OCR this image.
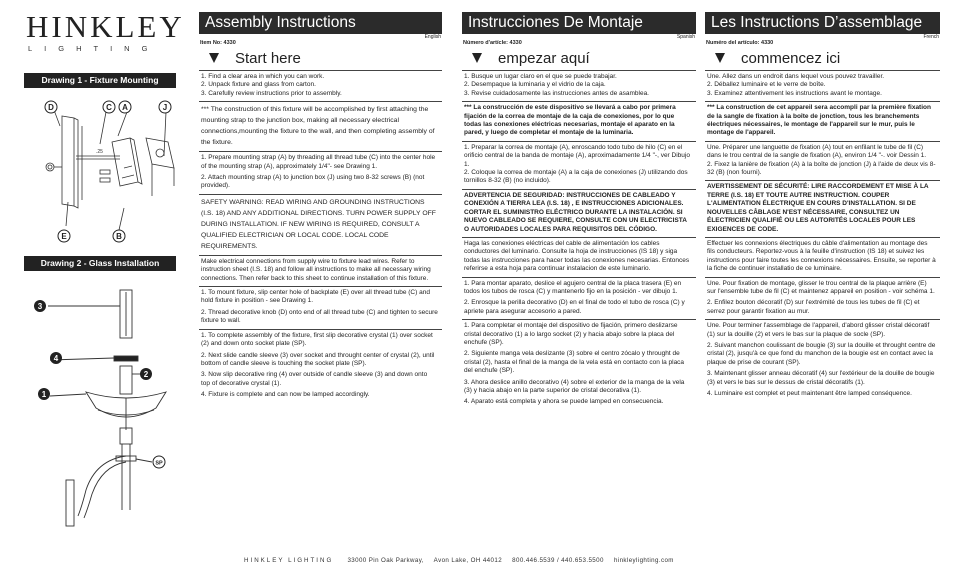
HINKLEY
LIGHTING
Drawing 1 - Fixture Mounting
.25
D	C A	J
E	B
Drawing 2 - Glass Installation
3
4
2
1
SP
Assembly Instructions
Item No: 4330
English
Start here
1. Find a clear area in which you can work.
2. Unpack fixture and glass from carton.
3. Carefully review instructions prior to assembly.
*** The construction of this fixture will be accomplished by first attaching the mounting strap to the junction box, making all necessary electrical connections,mounting the fixture to the wall, and then completing assembly of the fixture.
1. Prepare mounting strap (A) by threading all thread tube (C) into the center hole of the mounting strap (A), approximately 1/4"- see Drawing 1.
2. Attach mounting strap (A) to junction box (J) using two 8-32 screws (B) (not provided).
SAFETY WARNING: READ WIRING AND GROUNDING INSTRUCTIONS (I.S. 18) AND ANY ADDITIONAL DIRECTIONS. TURN POWER SUPPLY OFF DURING INSTALLATION. IF NEW WIRING IS REQUIRED, CONSULT A QUALIFIED ELECTRICIAN OR LOCAL CODE. LOCAL CODE REQUIREMENTS.
Make electrical connections from supply wire to fixture lead wires. Refer to instruction sheet (I.S. 18) and follow all instructions to make all necessary wiring connections. Then refer back to this sheet to continue installation of this fixture.
1. To mount fixture, slip center hole of backplate (E) over all thread tube (C) and hold fixture in position - see Drawing 1.
2. Thread decorative knob (D) onto end of all thread tube (C) and tighten to secure fixture to wall.
1. To complete assembly of the fixture, first slip decorative crystal (1) over socket (2) and down onto socket plate (SP).
2. Next slide candle sleeve (3) over socket and throught center of crystal (2), until bottom of candle sleeve is touching the socket plate (SP).
3. Now slip decorative ring (4) over outside of candle sleeve (3) and down onto top of decorative crystal (1).
4. Fixture is complete and can now be lamped accordingly.
Instrucciones De Montaje
Número d'artícle: 4330
Spanish
empezar aquí
1. Busque un lugar claro en el que se puede trabajar.
2. Desempaque la luminaria y el vidrio de la caja.
3. Revise cuidadosamente las instrucciones antes de asamblea.
*** La construcción de este dispositivo se llevará a cabo por primera fijación de la correa de montaje de la caja de conexiones, por lo que todas las conexiones eléctricas necesarias, montaje el aparato en la pared, y luego de completar el montaje de la luminaria.
1. Preparar la correa de montaje (A), enroscando todo tubo de hilo (C) en el orificio central de la banda de montaje (A), aproximadamente 1/4 "-, ver Dibujo 1.
2. Coloque la correa de montaje (A) a la caja de conexiones (J) utilizando dos tornillos 8-32 (B) (no incluido).
ADVERTENCIA DE SEGURIDAD: INSTRUCCIONES DE CABLEADO Y CONEXIÓN A TIERRA LEA (I.S. 18) , E INSTRUCCIONES ADICIONALES. CORTAR EL SUMINISTRO ELÉCTRICO DURANTE LA INSTALACIÓN. SI NUEVO CABLEADO SE REQUIERE, CONSULTE CON UN ELECTRICISTA O AUTORIDADES LOCALES PARA REQUISITOS DEL CÓDIGO.
Haga las conexiones eléctricas del cable de alimentación los cables conductores del luminario. Consulte la hoja de instrucciones (IS 18) y siga todas las instrucciones para hacer todas las conexiones necesarias. Entonces referirse a esta hoja para continuar instalacion de este luminario.
1. Para montar aparato, deslice el agujero central de la placa trasera (E) en todos los tubos de rosca (C) y mantenerlo fijo en la posición - ver dibujo 1.
2. Enrosque la perilla decorativo (D) en el final de todo el tubo de rosca (C) y apriete para asegurar accesorio a pared.
1. Para completar el montaje del dispositivo de fijación, primero deslizarse cristal decorativo (1) a lo largo socket (2) y hacia abajo sobre la placa del enchufe (SP).
2. Siguiente manga vela deslizante (3) sobre el centro zócalo y throught de cristal (2), hasta el final de la manga de la vela está en contacto con la placa del enchufe (SP).
3. Ahora deslice anillo decorativo (4) sobre el exterior de la manga de la vela (3) y hacia abajo en la parte superior de cristal decorativa (1).
4. Aparato está completa y ahora se puede lamped en consecuencia.
Les Instructions D’assemblage
Numéro del artículo: 4330
French
commencez ici
Une. Allez dans un endroit dans lequel vous pouvez travailler.
2. Déballez luminaire et le verre de boîte.
3. Examinez attentivement les instructions avant le montage.
*** La construction de cet appareil sera accompli par la première fixation de la sangle de fixation à la boîte de jonction, tous les branchements électriques nécessaires, le montage de l'appareil sur le mur, puis le montage de l'appareil.
Une. Préparer une languette de fixation (A) tout en enfilant le tube de fil (C) dans le trou central de la sangle de fixation (A), environ 1/4 "-. voir Dessin 1.
2. Fixez la lanière de fixation (A) à la boîte de jonction (J) à l'aide de deux vis 8-32 (B) (non fourni).
AVERTISSEMENT DE SÉCURITÉ: LIRE RACCORDEMENT ET MISE À LA TERRE (I.S. 18) ET TOUTE AUTRE INSTRUCTION. COUPER L'ALIMENTATION ÉLECTRIQUE EN COURS D'INSTALLATION. SI DE NOUVELLES CÂBLAGE N'EST NÉCESSAIRE, CONSULTEZ UN ÉLECTRICIEN QUALIFIÉ OU LES AUTORITÉS LOCALES POUR LES EXIGENCES DE CODE.
Effectuer les connexions électriques du câble d'alimentation au montage des fils conducteurs. Reportez-vous à la feuille d'instruction (IS 18) et suivez les instructions pour faire toutes les connexions nécessaires. Ensuite, se reporter à la fiche de continuer installatio de ce luminaire.
Une. Pour fixation de montage, glisser le trou central de la plaque arrière (E) sur l'ensemble tube de fil (C) et maintenez appareil en position - voir schéma 1.
2. Enfilez bouton décoratif (D) sur l'extrémité de tous les tubes de fil (C) et serrez pour garantir fixation au mur.
Une. Pour terminer l'assemblage de l'appareil, d'abord glisser cristal décoratif (1) sur la douille (2) et vers le bas sur la plaque de socle (SP).
2. Suivant manchon coulissant de bougie (3) sur la douille et throught centre de cristal (2), jusqu'à ce que fond du manchon de la bougie est en contact avec la plaque de prise de courant (SP).
3. Maintenant glisser anneau décoratif (4) sur l'extérieur de la douille de bougie (3) et vers le bas sur le dessus de cristal décoratifs (1).
4. Luminaire est complet et peut maintenant être lamped conséquence.
HINKLEY LIGHTING 33000 Pin Oak Parkway, Avon Lake, OH 44012 800.446.5539 / 440.653.5500 hinkleylighting.com
